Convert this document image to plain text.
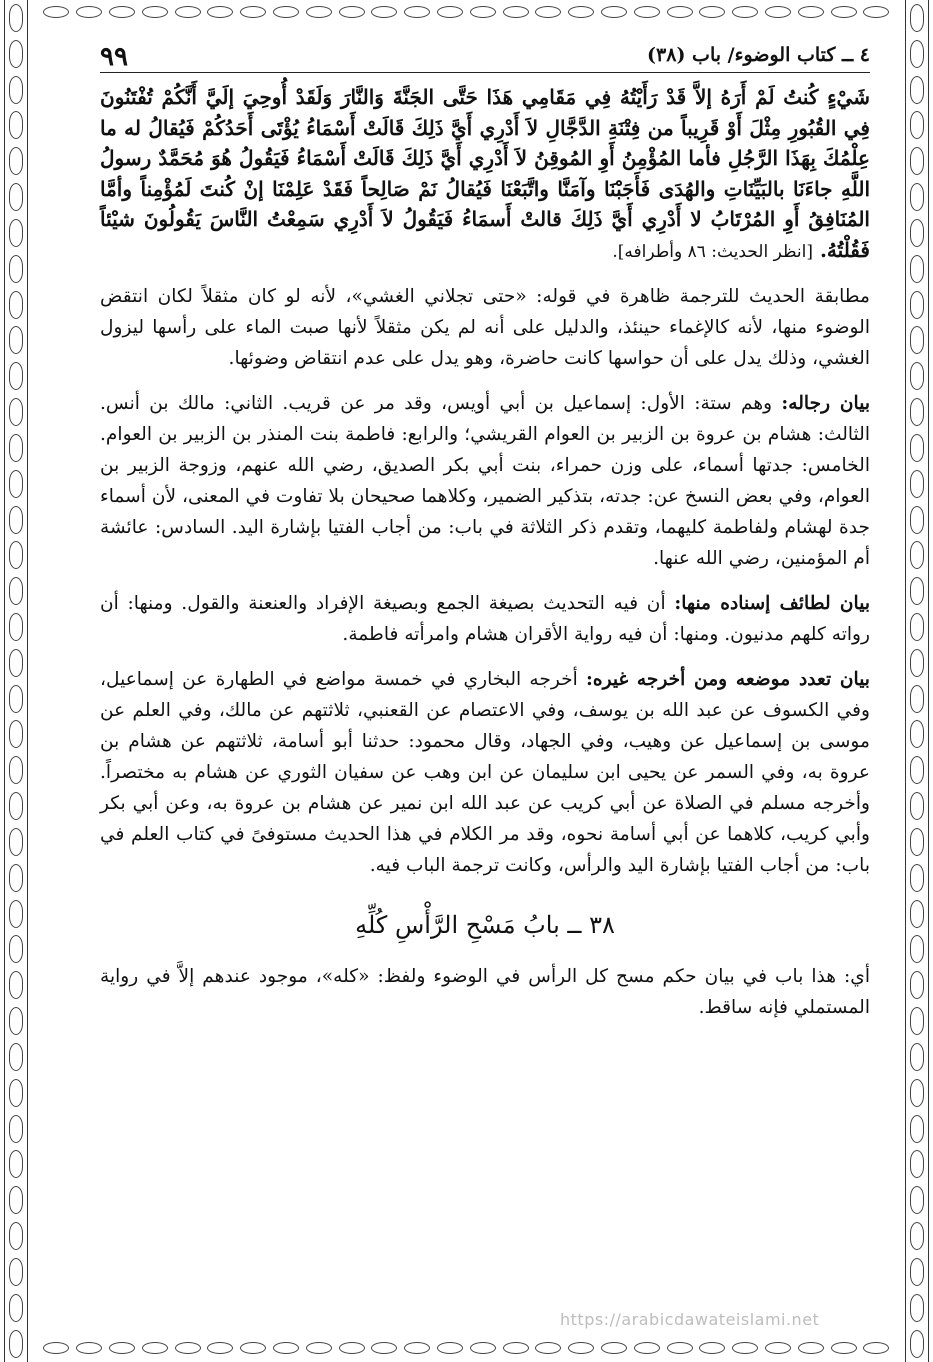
٩٩	٤ ــ كتاب الوضوء/ باب (٣٨)

شَيْءٍ كُنتُ لَمْ أَرَهُ إلاَّ قَدْ رَأَيْتُهُ فِي مَقَامِي هَذَا حَتَّى الجَنَّةَ وَالنَّارَ وَلَقَدْ أُوحِيَ إلَيَّ أَنَّكُمْ تُفْتَنُونَ فِي القُبُورِ مِثْلَ أَوْ قَرِيباً من فِتْنَةِ الدَّجَّالِ لاَ أَدْرِي أَيَّ ذَلِكَ قَالَتْ أَسْمَاءُ يُؤْتَى أَحَدُكُمْ فَيُقالُ له ما عِلْمُكَ بِهَذَا الرَّجُلِ فأما المُؤْمِنُ أَوِ المُوقِنُ لاَ أَدْرِي أَيَّ ذَلِكَ قَالَتْ أَسْمَاءُ فَيَقُولُ هُوَ مُحَمَّدٌ رسولُ اللَّهِ جاءَنَا بالبَيِّنَاتِ والهُدَى فَأَجَبْنَا وآمَنَّا واتَّبَعْنَا فَيُقالُ نَمْ صَالِحاً فَقَدْ عَلِمْنَا إنْ كُنتَ لَمُؤْمِناً وأمَّا المُنَافِقُ أَوِ المُرْتَابُ لا أَدْرِي أَيَّ ذَلِكَ قالتْ أَسمَاءُ فَيَقُولُ لاَ أَدْرِي سَمِعْتُ النَّاسَ يَقُولُونَ شيْئاً فَقُلْتُهُ. [انظر الحديث: ٨٦ وأطرافه].

مطابقة الحديث للترجمة ظاهرة في قوله: «حتى تجلاني الغشي»، لأنه لو كان مثقلاً لكان انتقض الوضوء منها، لأنه كالإغماء حينئذ، والدليل على أنه لم يكن مثقلاً لأنها صبت الماء على رأسها ليزول الغشي، وذلك يدل على أن حواسها كانت حاضرة، وهو يدل على عدم انتقاض وضوئها.

بيان رجاله: وهم ستة: الأول: إسماعيل بن أبي أويس، وقد مر عن قريب. الثاني: مالك بن أنس. الثالث: هشام بن عروة بن الزبير بن العوام القريشي؛ والرابع: فاطمة بنت المنذر بن الزبير بن العوام. الخامس: جدتها أسماء، على وزن حمراء، بنت أبي بكر الصديق، رضي الله عنهم، وزوجة الزبير بن العوام، وفي بعض النسخ عن: جدته، بتذكير الضمير، وكلاهما صحيحان بلا تفاوت في المعنى، لأن أسماء جدة لهشام ولفاطمة كليهما، وتقدم ذكر الثلاثة في باب: من أجاب الفتيا بإشارة اليد. السادس: عائشة أم المؤمنين، رضي الله عنها.

بيان لطائف إسناده منها: أن فيه التحديث بصيغة الجمع وبصيغة الإفراد والعنعنة والقول. ومنها: أن رواته كلهم مدنيون. ومنها: أن فيه رواية الأقران هشام وامرأته فاطمة.

بيان تعدد موضعه ومن أخرجه غيره: أخرجه البخاري في خمسة مواضع في الطهارة عن إسماعيل، وفي الكسوف عن عبد الله بن يوسف، وفي الاعتصام عن القعنبي، ثلاثتهم عن مالك، وفي العلم عن موسى بن إسماعيل عن وهيب، وفي الجهاد، وقال محمود: حدثنا أبو أسامة، ثلاثتهم عن هشام بن عروة به، وفي السمر عن يحيى ابن سليمان عن ابن وهب عن سفيان الثوري عن هشام به مختصراً. وأخرجه مسلم في الصلاة عن أبي كريب عن عبد الله ابن نمير عن هشام بن عروة به، وعن أبي بكر وأبي كريب، كلاهما عن أبي أسامة نحوه، وقد مر الكلام في هذا الحديث مستوفىً في كتاب العلم في باب: من أجاب الفتيا بإشارة اليد والرأس، وكانت ترجمة الباب فيه.

٣٨ ــ بابُ مَسْحِ الرَّأْسِ كُلِّهِ

أي: هذا باب في بيان حكم مسح كل الرأس في الوضوء ولفظ: «كله»، موجود عندهم إلاَّ في رواية المستملي فإنه ساقط.

https://arabicdawateislami.net
